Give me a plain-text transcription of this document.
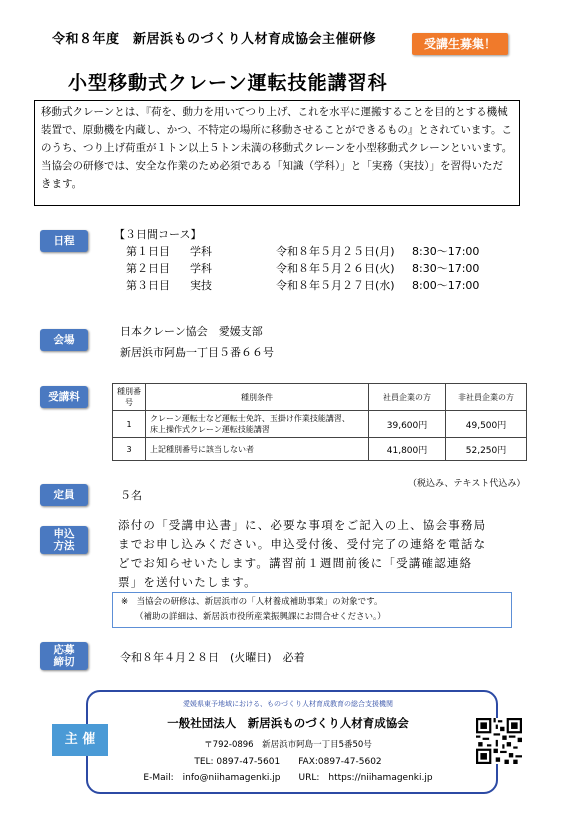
令和８年度　新居浜ものづくり人材育成協会主催研修	受講生募集！
小型移動式クレーン運転技能講習科
移動式クレーンとは、『荷を、動力を用いてつり上げ、これを水平に運搬することを目的とする機械装置で、原動機を内蔵し、かつ、不特定の場所に移動させることができるもの』とされています。このうち、つり上げ荷重が１トン以上５トン未満の移動式クレーンを小型移動式クレーンといいます。当協会の研修では、安全な作業のため必須である「知識（学科）」と「実務（実技）」を習得いただきます。
日程	【３日間コース】
第１日目	学科	令和８年５月２５日(月)	8:30～17:00
第２日目	学科	令和８年５月２６日(火)	8:30～17:00
第３日目	実技	令和８年５月２７日(水)	8:00～17:00
会場
日本クレーン協会　愛媛支部
新居浜市阿島一丁目５番６６号
受講料	種別番号	種別条件	社員企業の方	非社員企業の方
1	クレーン運転士など運転士免許、玉掛け作業技能講習、
床上操作式クレーン運転技能講習	39,600円	49,500円
3	上記種別番号に該当しない者	41,800円	52,250円
（税込み、テキスト代込み）
定員	５名
申込
方法
添付の「受講申込書」に、必要な事項をご記入の上、協会事務局
までお申し込みください。申込受付後、受付完了の連絡を電話な
どでお知らせいたします。講習前１週間前後に「受講確認連絡
票」を送付いたします。
※　当協会の研修は、新居浜市の「人材養成補助事業」の対象です。
（補助の詳細は、新居浜市役所産業振興課にお問合せください。）
応募
締切	令和８年４月２８日　(火曜日)　必着
主 催
愛媛県東予地域における、ものづくり人材育成教育の総合支援機関
一般社団法人　新居浜ものづくり人材育成協会
〒792-0896　新居浜市阿島一丁目5番50号
TEL: 0897-47-5601　　FAX:0897-47-5602
E-Mail:　info@niihamagenki.jp　　URL:　https://niihamagenki.jp
